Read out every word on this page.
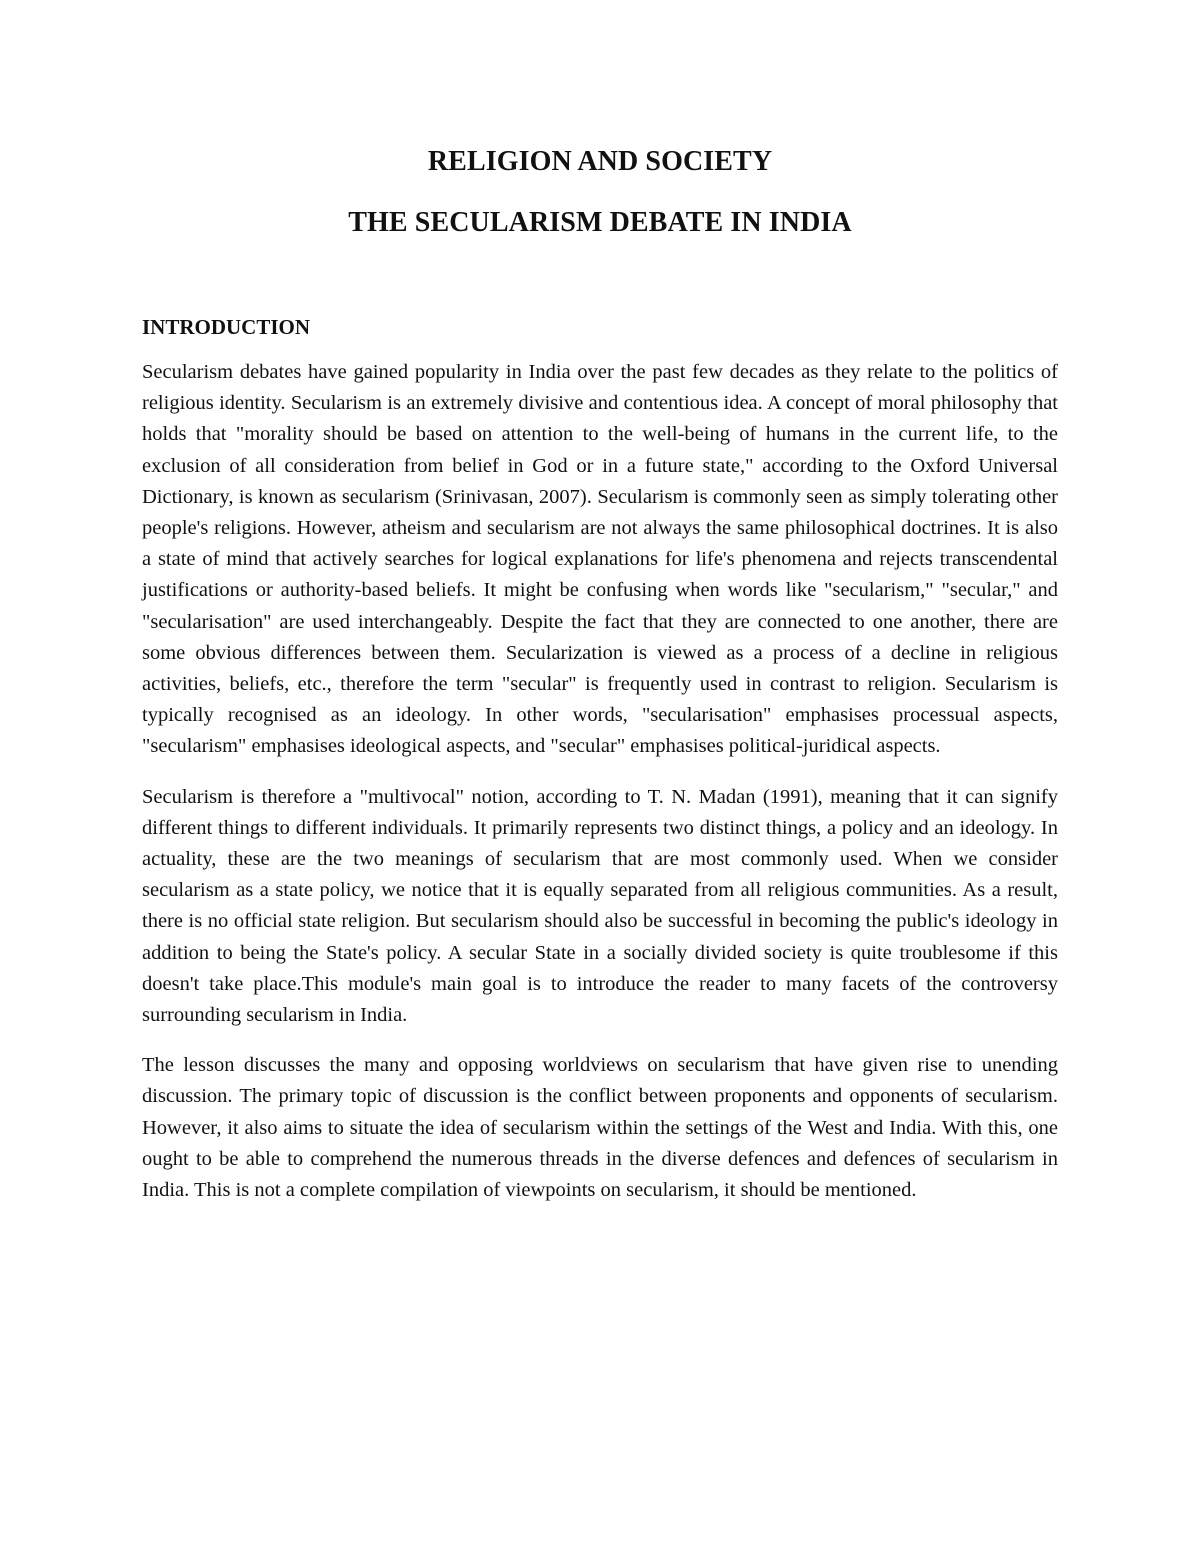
RELIGION AND SOCIETY
THE SECULARISM DEBATE IN INDIA
INTRODUCTION

Secularism debates have gained popularity in India over the past few decades as they relate to the politics of religious identity. Secularism is an extremely divisive and contentious idea. A concept of moral philosophy that holds that "morality should be based on attention to the well-being of humans in the current life, to the exclusion of all consideration from belief in God or in a future state," according to the Oxford Universal Dictionary, is known as secularism (Srinivasan, 2007). Secularism is commonly seen as simply tolerating other people's religions. However, atheism and secularism are not always the same philosophical doctrines. It is also a state of mind that actively searches for logical explanations for life's phenomena and rejects transcendental justifications or authority-based beliefs. It might be confusing when words like "secularism," "secular," and "secularisation" are used interchangeably. Despite the fact that they are connected to one another, there are some obvious differences between them. Secularization is viewed as a process of a decline in religious activities, beliefs, etc., therefore the term "secular" is frequently used in contrast to religion. Secularism is typically recognised as an ideology. In other words, "secularisation" emphasises processual aspects, "secularism" emphasises ideological aspects, and "secular" emphasises political-juridical aspects.

Secularism is therefore a "multivocal" notion, according to T. N. Madan (1991), meaning that it can signify different things to different individuals. It primarily represents two distinct things, a policy and an ideology. In actuality, these are the two meanings of secularism that are most commonly used. When we consider secularism as a state policy, we notice that it is equally separated from all religious communities. As a result, there is no official state religion. But secularism should also be successful in becoming the public's ideology in addition to being the State's policy. A secular State in a socially divided society is quite troublesome if this doesn't take place.This module's main goal is to introduce the reader to many facets of the controversy surrounding secularism in India.

The lesson discusses the many and opposing worldviews on secularism that have given rise to unending discussion. The primary topic of discussion is the conflict between proponents and opponents of secularism. However, it also aims to situate the idea of secularism within the settings of the West and India. With this, one ought to be able to comprehend the numerous threads in the diverse defences and defences of secularism in India. This is not a complete compilation of viewpoints on secularism, it should be mentioned.
